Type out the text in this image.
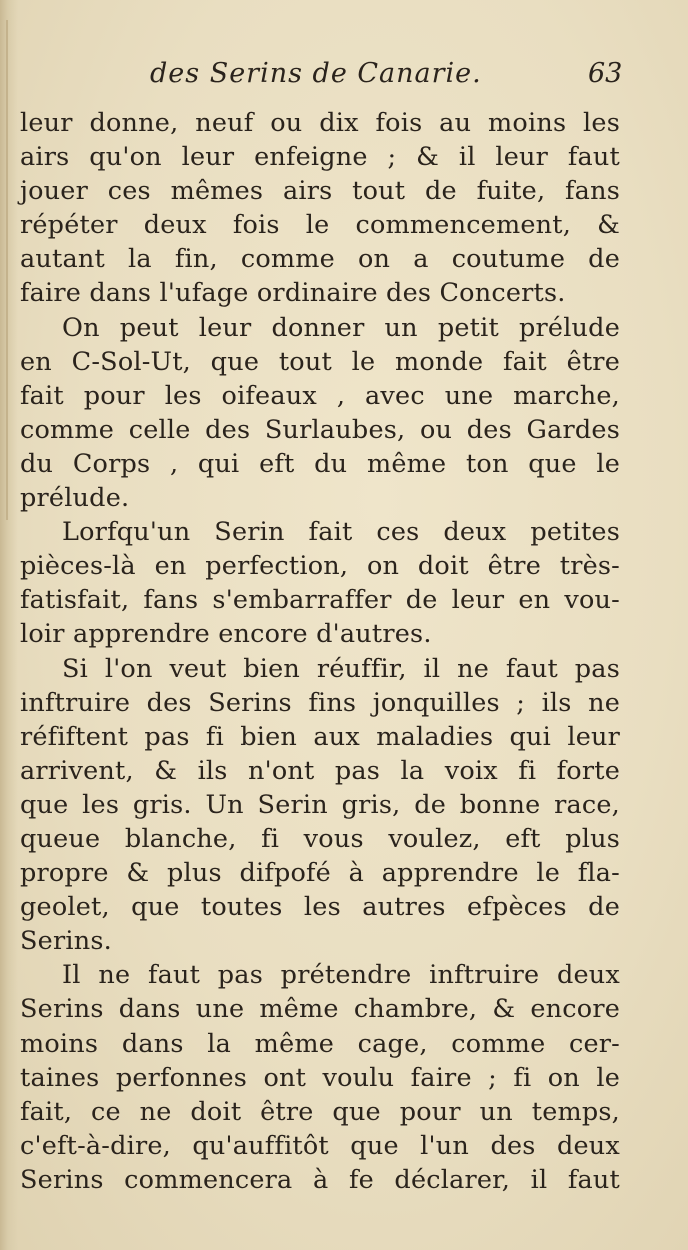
des Serins de Canarie.	63
leur donne, neuf ou dix fois au moins les
airs qu'on leur enfeigne ; & il leur faut
jouer ces mêmes airs tout de fuite, fans
répéter deux fois le commencement, &
autant la fin, comme on a coutume de
faire dans l'ufage ordinaire des Concerts.
On peut leur donner un petit prélude
en C-Sol-Ut, que tout le monde fait être
fait pour les oifeaux , avec une marche,
comme celle des Surlaubes, ou des Gardes
du Corps , qui eft du même ton que le
prélude.
Lorfqu'un Serin fait ces deux petites
pièces-là en perfection, on doit être très-
fatisfait, fans s'embarraffer de leur en vou-
loir apprendre encore d'autres.
Si l'on veut bien réuffir, il ne faut pas
inftruire des Serins fins jonquilles ; ils ne
réfiftent pas fi bien aux maladies qui leur
arrivent, & ils n'ont pas la voix fi forte
que les gris. Un Serin gris, de bonne race,
queue blanche, fi vous voulez, eft plus
propre & plus difpofé à apprendre le fla-
geolet, que toutes les autres efpèces de
Serins.
Il ne faut pas prétendre inftruire deux
Serins dans une même chambre, & encore
moins dans la même cage, comme cer-
taines perfonnes ont voulu faire ; fi on le
fait, ce ne doit être que pour un temps,
c'eft-à-dire, qu'auffitôt que l'un des deux
Serins commencera à fe déclarer, il faut
